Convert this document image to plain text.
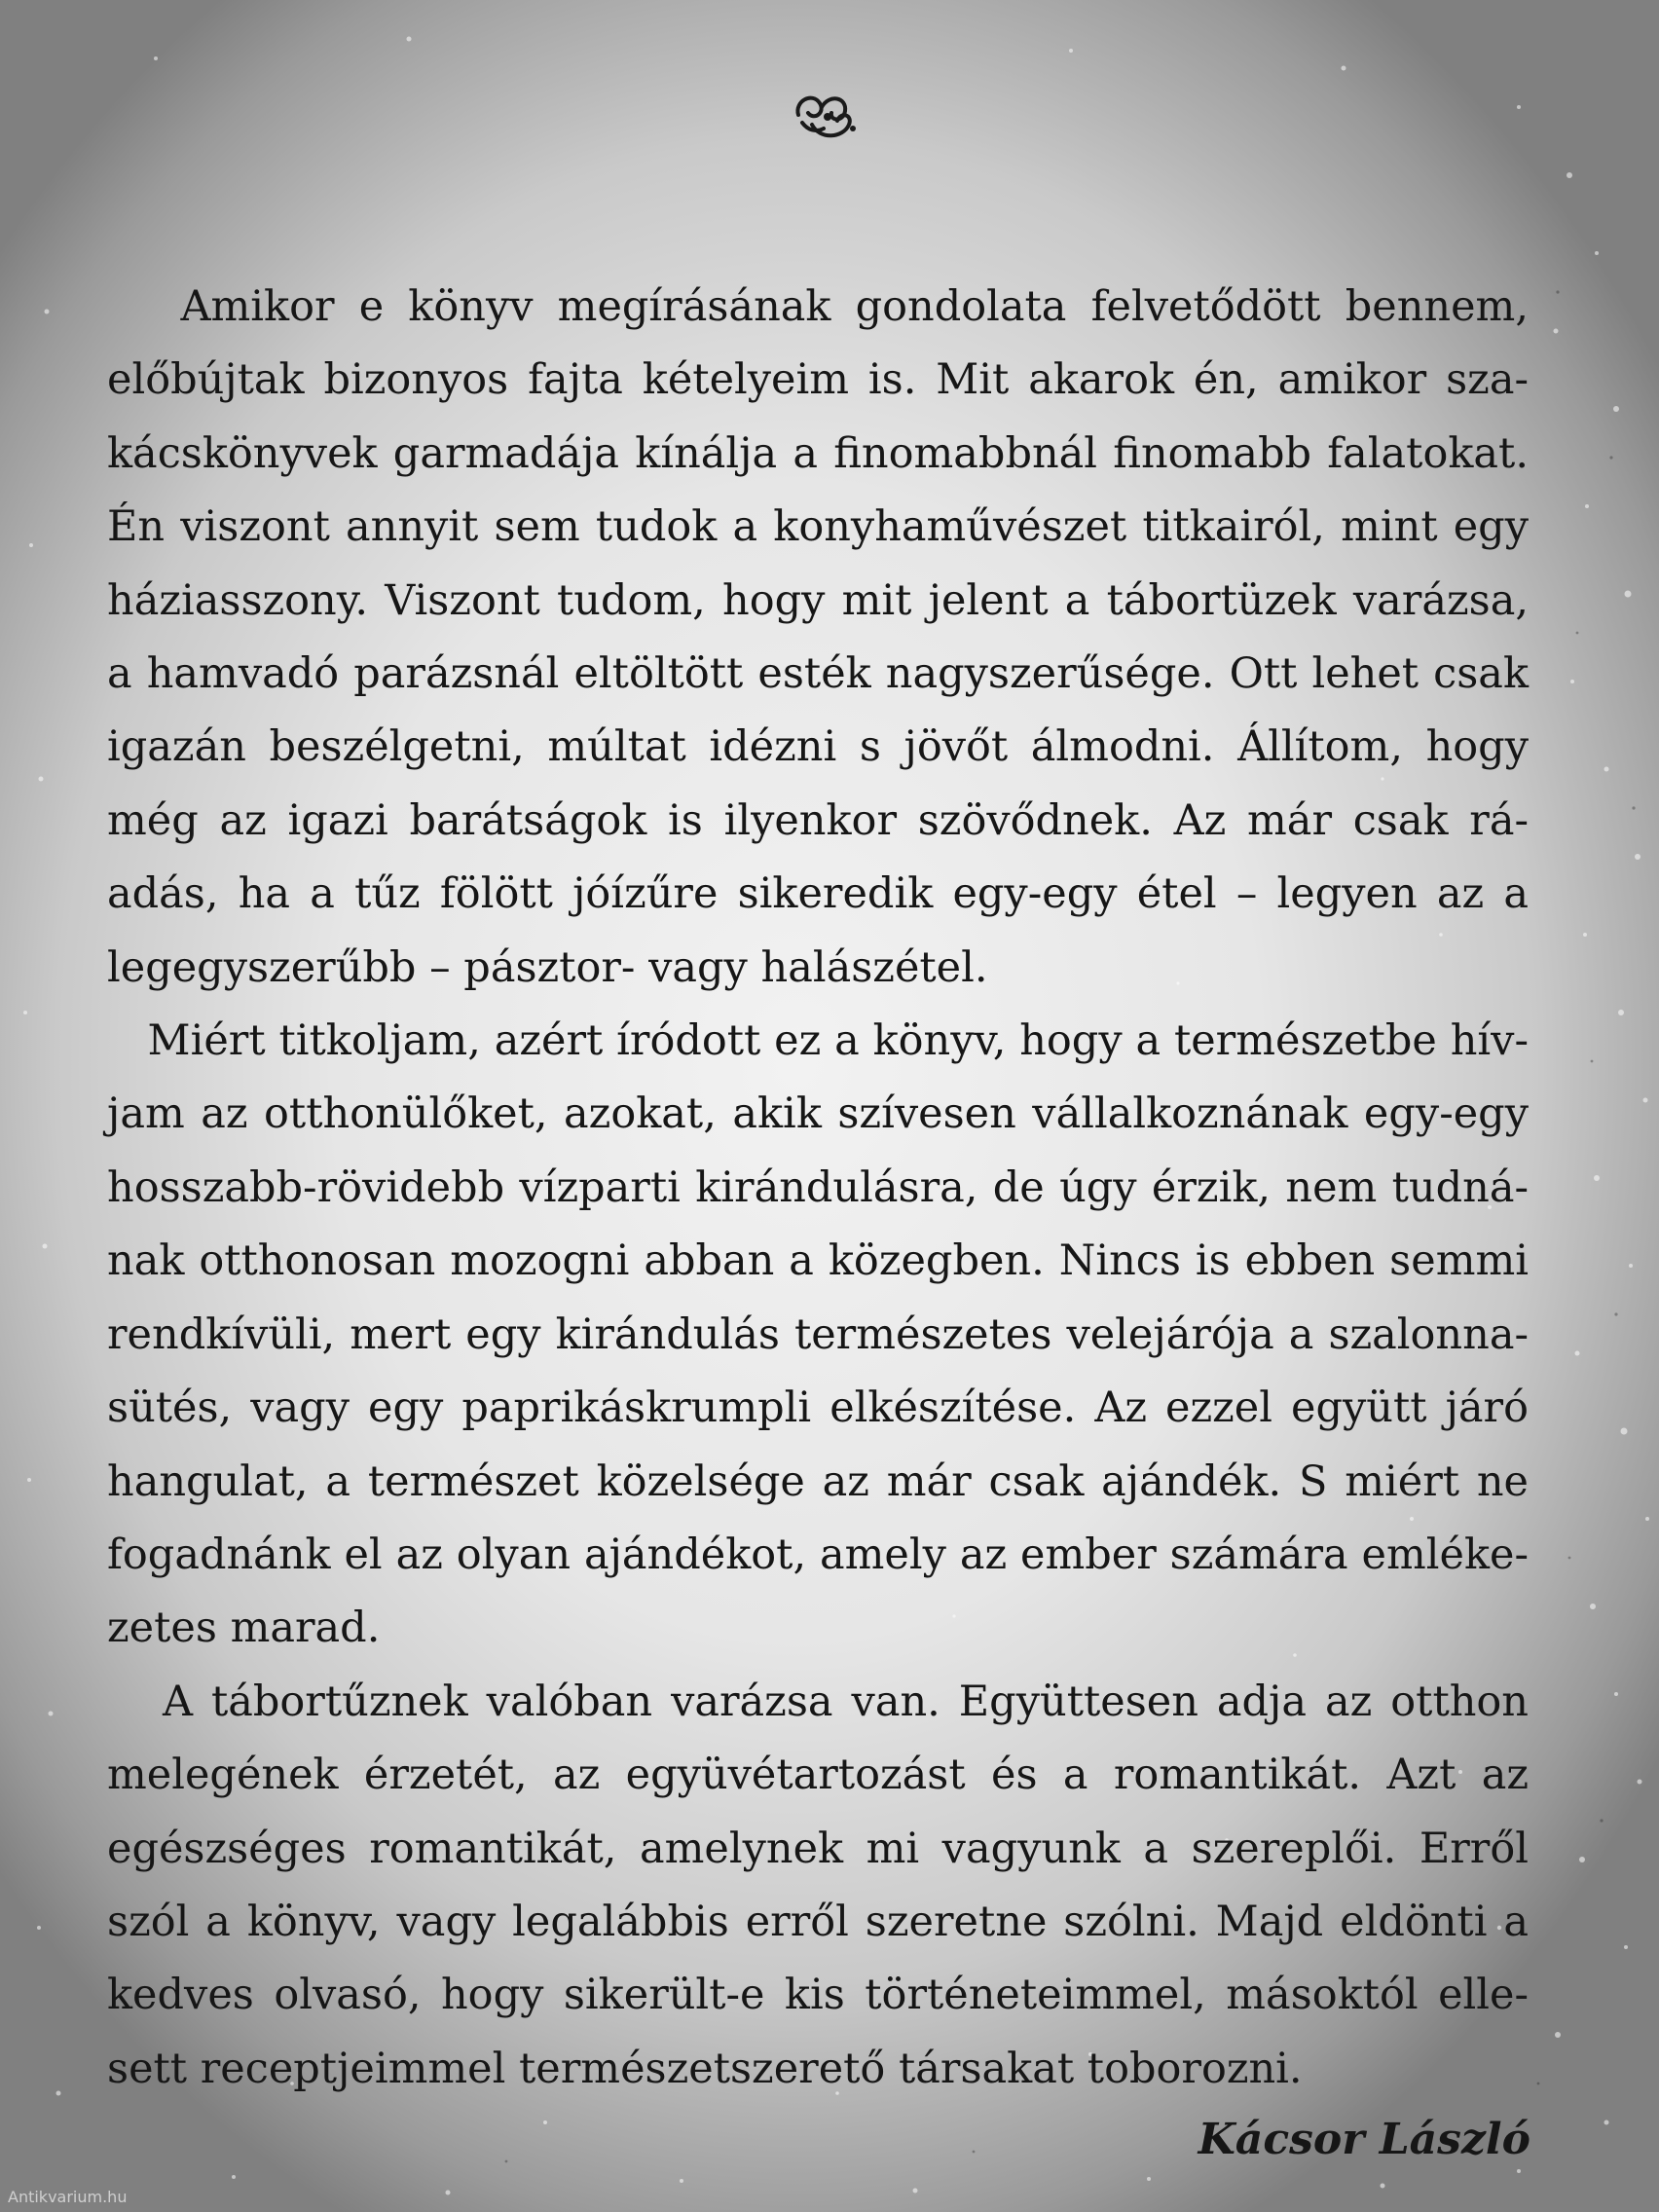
Amikor e könyv megírásának gondolata felvetődött bennem, előbújtak bizonyos fajta kételyeim is. Mit akarok én, amikor szakácskönyvek garmadája kínálja a finomabbnál finomabb falatokat. Én viszont annyit sem tudok a konyhaművészet titkairól, mint egy háziasszony. Viszont tudom, hogy mit jelent a tábortüzek varázsa, a hamvadó parázsnál eltöltött esték nagyszerűsége. Ott lehet csak igazán beszélgetni, múltat idézni s jövőt álmodni. Állítom, hogy még az igazi barátságok is ilyenkor szövődnek. Az már csak ráadás, ha a tűz fölött jóízűre sikeredik egy-egy étel – legyen az a legegyszerűbb – pásztor- vagy halászétel.

Miért titkoljam, azért íródott ez a könyv, hogy a természetbe hívjam az otthonülőket, azokat, akik szívesen vállalkoznának egy-egy hosszabb-rövidebb vízparti kirándulásra, de úgy érzik, nem tudnának otthonosan mozogni abban a közegben. Nincs is ebben semmi rendkívüli, mert egy kirándulás természetes velejárója a szalonnasütés, vagy egy paprikáskrumpli elkészítése. Az ezzel együtt járó hangulat, a természet közelsége az már csak ajándék. S miért ne fogadnánk el az olyan ajándékot, amely az ember számára emlékezetes marad.

A tábortűznek valóban varázsa van. Együttesen adja az otthon melegének érzetét, az együvétartozást és a romantikát. Azt az egészséges romantikát, amelynek mi vagyunk a szereplői. Erről szól a könyv, vagy legalábbis erről szeretne szólni. Majd eldönti a kedves olvasó, hogy sikerült-e kis történeteimmel, másoktól ellesett receptjeimmel természetszerető társakat toborozni.

Kácsor László

Antikvarium.hu
